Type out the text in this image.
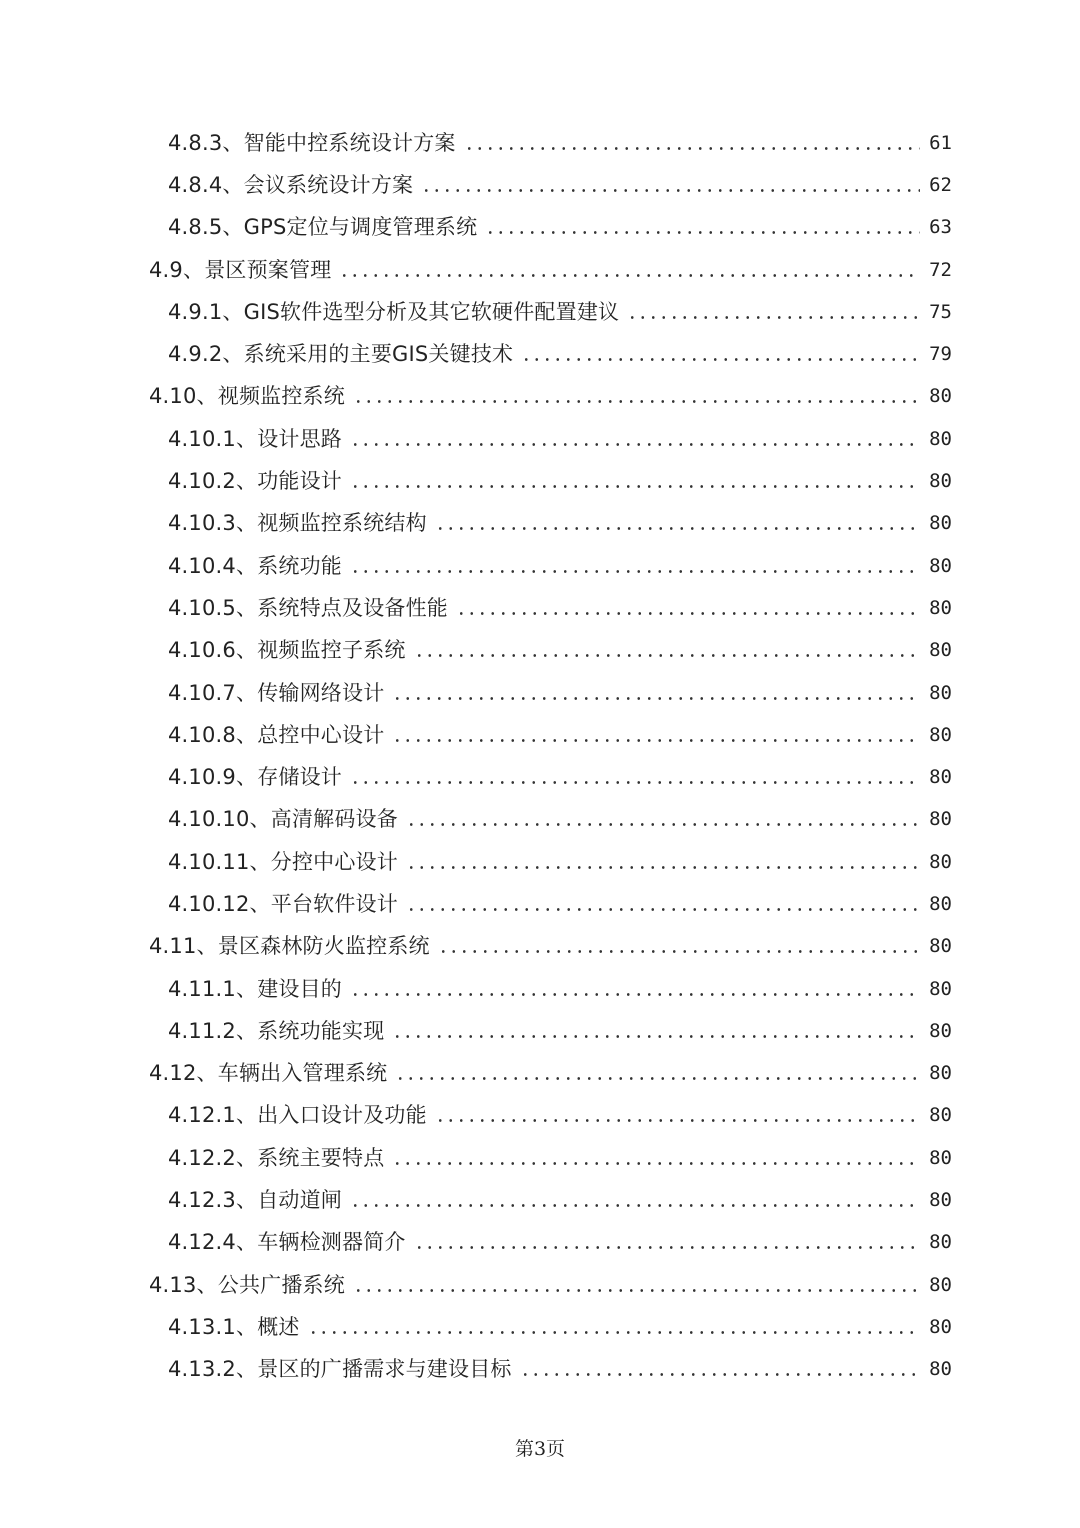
4.8.3、智能中控系统设计方案	61
4.8.4、会议系统设计方案	62
4.8.5、GPS定位与调度管理系统	63
4.9、景区预案管理	72
4.9.1、GIS软件选型分析及其它软硬件配置建议	75
4.9.2、系统采用的主要GIS关键技术	79
4.10、视频监控系统	80
4.10.1、设计思路	80
4.10.2、功能设计	80
4.10.3、视频监控系统结构	80
4.10.4、系统功能	80
4.10.5、系统特点及设备性能	80
4.10.6、视频监控子系统	80
4.10.7、传输网络设计	80
4.10.8、总控中心设计	80
4.10.9、存储设计	80
4.10.10、高清解码设备	80
4.10.11、分控中心设计	80
4.10.12、平台软件设计	80
4.11、景区森林防火监控系统	80
4.11.1、建设目的	80
4.11.2、系统功能实现	80
4.12、车辆出入管理系统	80
4.12.1、出入口设计及功能	80
4.12.2、系统主要特点	80
4.12.3、自动道闸	80
4.12.4、车辆检测器简介	80
4.13、公共广播系统	80
4.13.1、概述	80
4.13.2、景区的广播需求与建设目标	80
第3页
